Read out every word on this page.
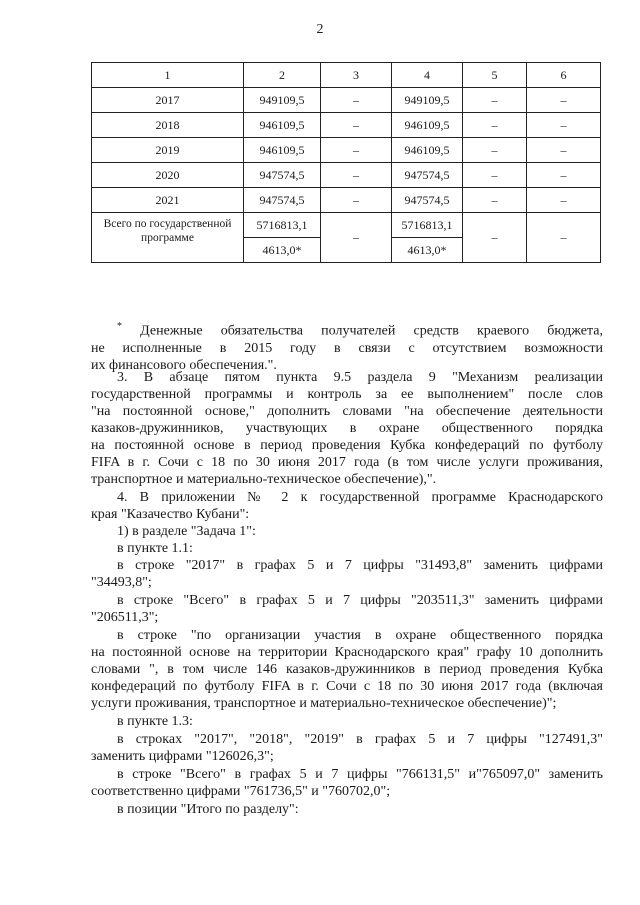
2
1	2	3	4	5	6
2017	949109,5	–	949109,5	–	–
2018	946109,5	–	946109,5	–	–
2019	946109,5	–	946109,5	–	–
2020	947574,5	–	947574,5	–	–
2021	947574,5	–	947574,5	–	–
Всего по государственной программе	5716813,1	–	5716813,1	–	–
	4613,0*		4613,0*		
* Денежные обязательства получателей средств краевого бюджета,
не исполненные в 2015 году в связи с отсутствием возможности
их финансового обеспечения.".
3. В абзаце пятом пункта 9.5 раздела 9 "Механизм реализации
государственной программы и контроль за ее выполнением" после слов
"на постоянной основе," дополнить словами "на обеспечение деятельности
казаков-дружинников, участвующих в охране общественного порядка
на постоянной основе в период проведения Кубка конфедераций по футболу
FIFA в г. Сочи с 18 по 30 июня 2017 года (в том числе услуги проживания,
транспортное и материально-техническое обеспечение),".
4. В приложении № 2 к государственной программе Краснодарского
края "Казачество Кубани":
1) в разделе "Задача 1":
в пункте 1.1:
в строке "2017" в графах 5 и 7 цифры "31493,8" заменить цифрами
"34493,8";
в строке "Всего" в графах 5 и 7 цифры "203511,3" заменить цифрами
"206511,3";
в строке "по организации участия в охране общественного порядка
на постоянной основе на территории Краснодарского края" графу 10 дополнить
словами ", в том числе 146 казаков-дружинников в период проведения Кубка
конфедераций по футболу FIFA в г. Сочи с 18 по 30 июня 2017 года (включая
услуги проживания, транспортное и материально-техническое обеспечение)";
в пункте 1.3:
в строках "2017", "2018", "2019" в графах 5 и 7 цифры "127491,3"
заменить цифрами "126026,3";
в строке "Всего" в графах 5 и 7 цифры "766131,5" и"765097,0" заменить
соответственно цифрами "761736,5" и "760702,0";
в позиции "Итого по разделу":
